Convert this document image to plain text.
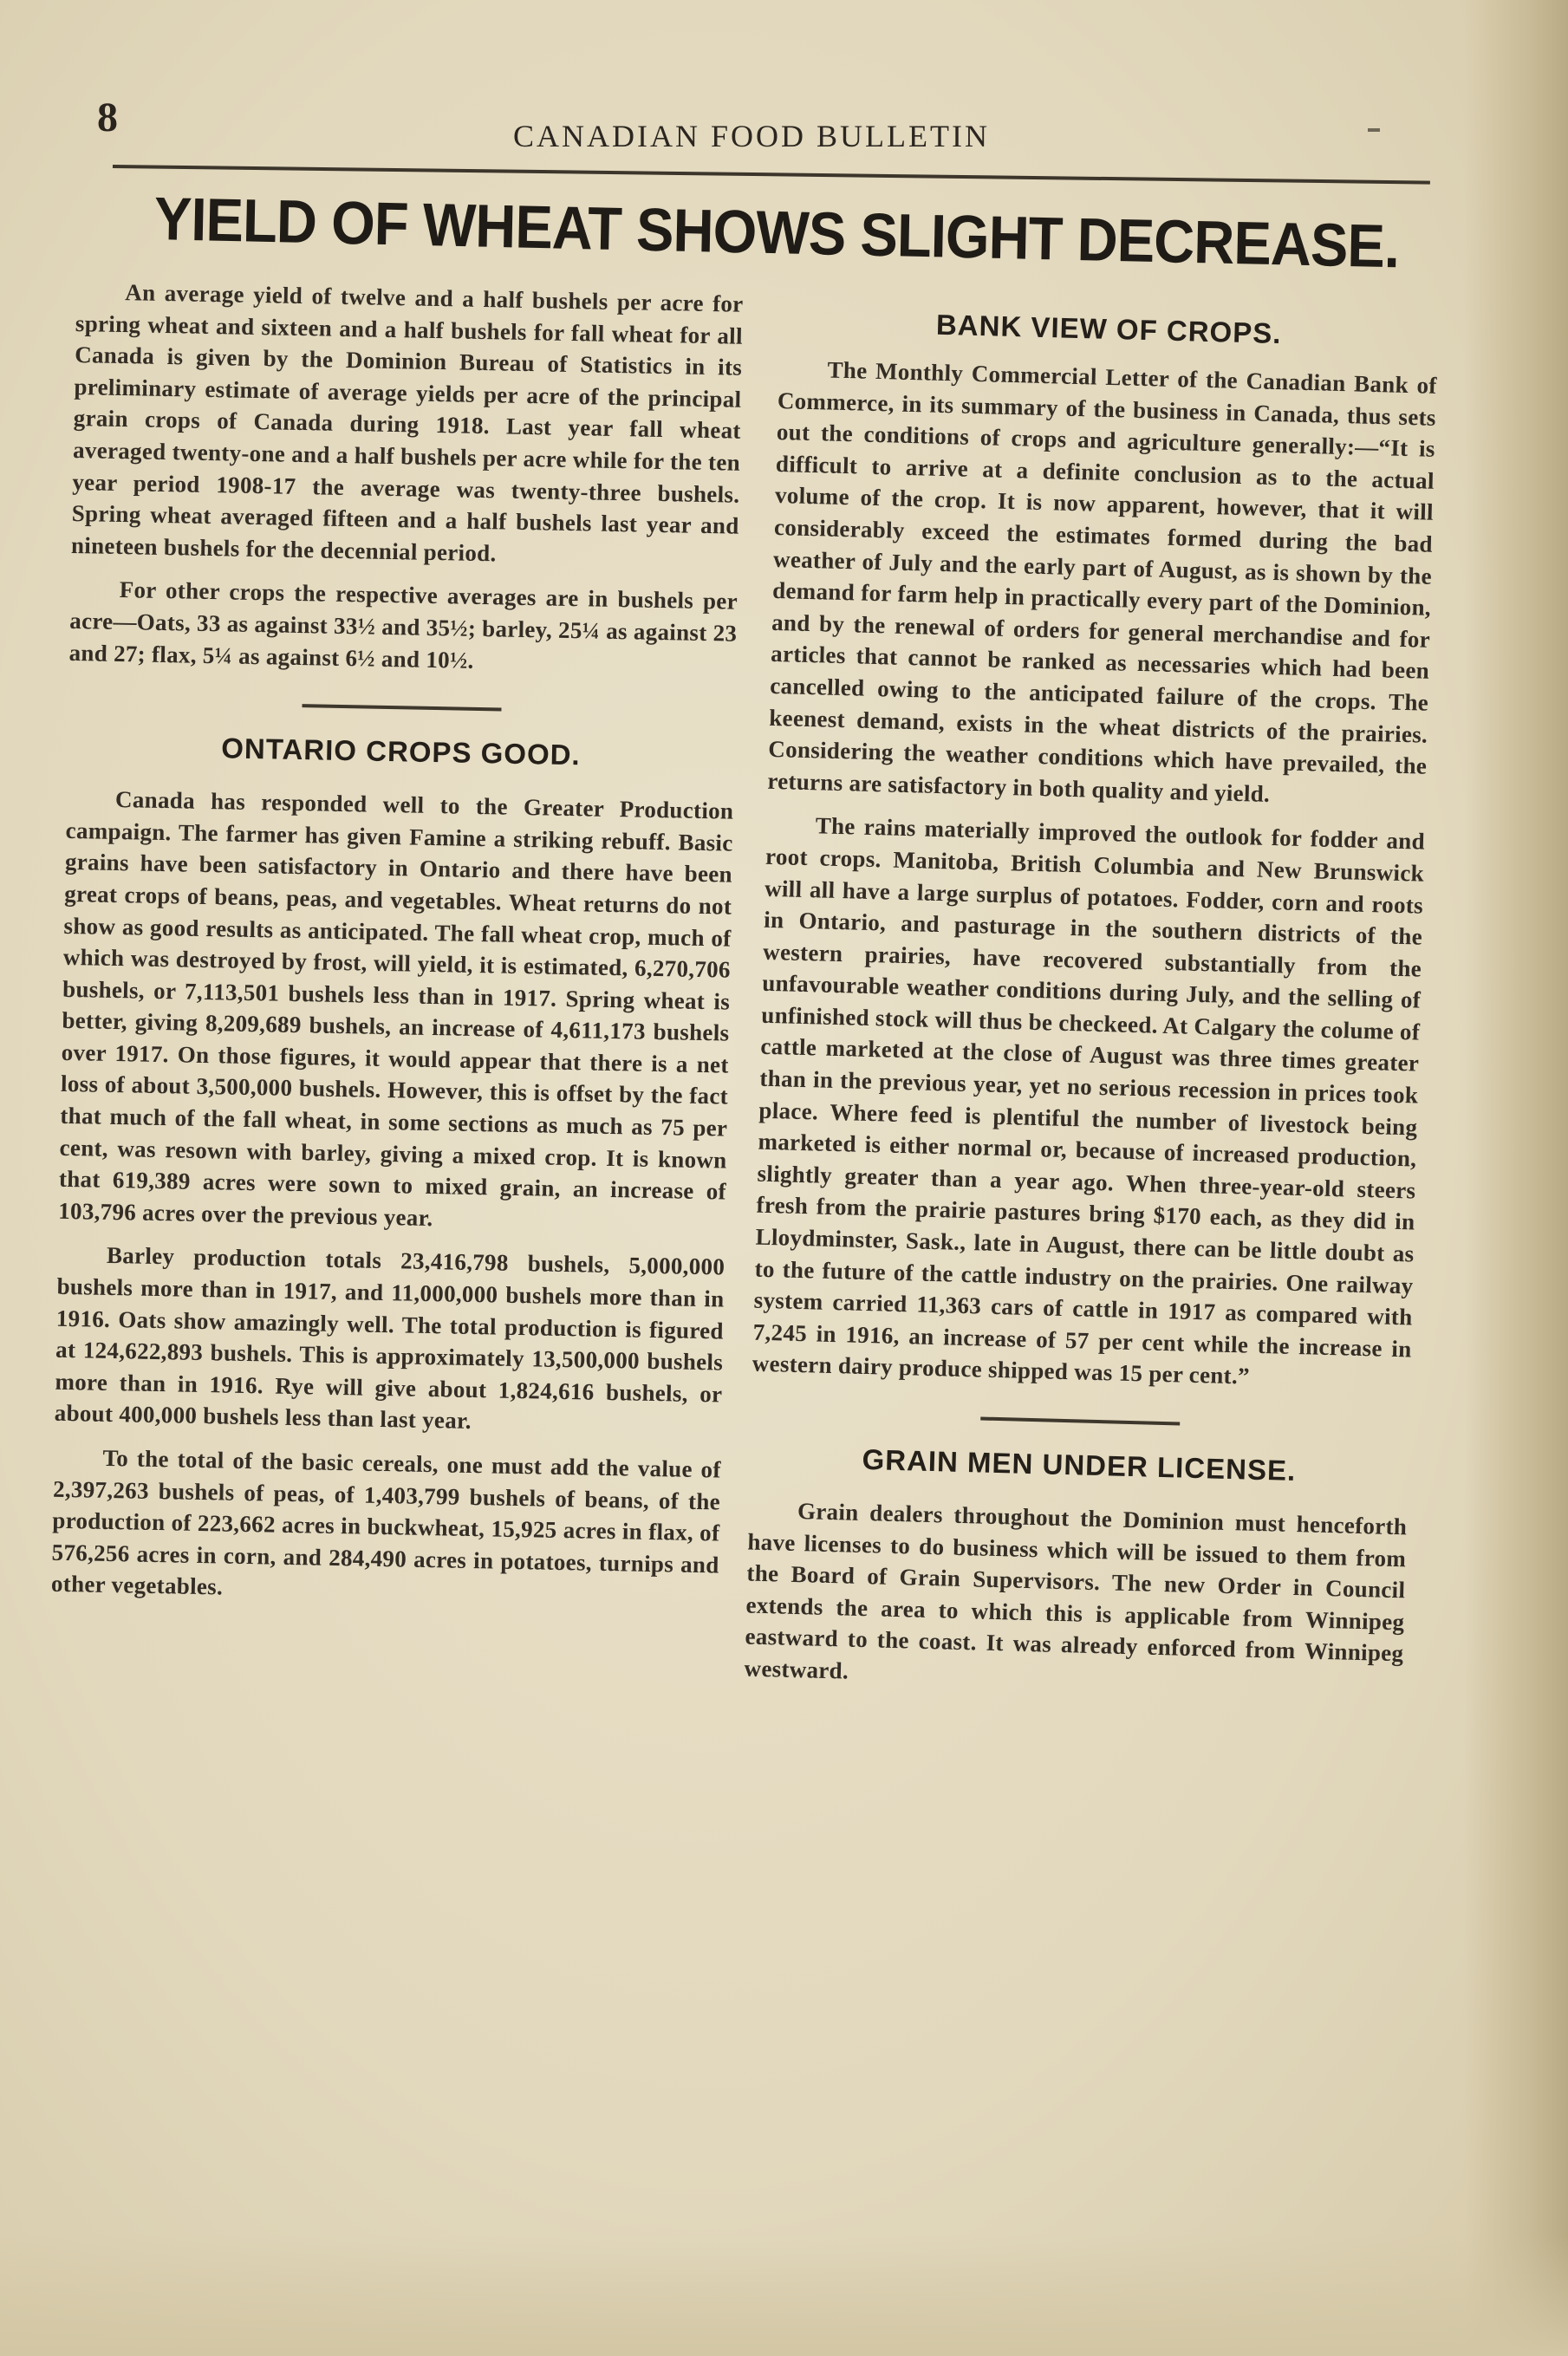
8	CANADIAN FOOD BULLETIN
YIELD OF WHEAT SHOWS SLIGHT DECREASE.

An average yield of twelve and a half bushels per acre for spring wheat and sixteen and a half bushels for fall wheat for all Canada is given by the Dominion Bureau of Statistics in its preliminary estimate of average yields per acre of the principal grain crops of Canada during 1918. Last year fall wheat averaged twenty-one and a half bushels per acre while for the ten year period 1908-17 the average was twenty-three bushels. Spring wheat averaged fifteen and a half bushels last year and nineteen bushels for the decennial period.

For other crops the respective averages are in bushels per acre—Oats, 33 as against 33½ and 35½; barley, 25¼ as against 23 and 27; flax, 5¼ as against 6½ and 10½.

ONTARIO CROPS GOOD.

Canada has responded well to the Greater Production campaign. The farmer has given Famine a striking rebuff. Basic grains have been satisfactory in Ontario and there have been great crops of beans, peas, and vegetables. Wheat returns do not show as good results as anticipated. The fall wheat crop, much of which was destroyed by frost, will yield, it is estimated, 6,270,706 bushels, or 7,113,501 bushels less than in 1917. Spring wheat is better, giving 8,209,689 bushels, an increase of 4,611,173 bushels over 1917. On those figures, it would appear that there is a net loss of about 3,500,000 bushels. However, this is offset by the fact that much of the fall wheat, in some sections as much as 75 per cent, was resown with barley, giving a mixed crop. It is known that 619,389 acres were sown to mixed grain, an increase of 103,796 acres over the previous year.

Barley production totals 23,416,798 bushels, 5,000,000 bushels more than in 1917, and 11,000,000 bushels more than in 1916. Oats show amazingly well. The total production is figured at 124,622,893 bushels. This is approximately 13,500,000 bushels more than in 1916. Rye will give about 1,824,616 bushels, or about 400,000 bushels less than last year.

To the total of the basic cereals, one must add the value of 2,397,263 bushels of peas, of 1,403,799 bushels of beans, of the production of 223,662 acres in buckwheat, 15,925 acres in flax, of 576,256 acres in corn, and 284,490 acres in potatoes, turnips and other vegetables.

BANK VIEW OF CROPS.

The Monthly Commercial Letter of the Canadian Bank of Commerce, in its summary of the business in Canada, thus sets out the conditions of crops and agriculture generally:—“It is difficult to arrive at a definite conclusion as to the actual volume of the crop. It is now apparent, however, that it will considerably exceed the estimates formed during the bad weather of July and the early part of August, as is shown by the demand for farm help in practically every part of the Dominion, and by the renewal of orders for general merchandise and for articles that cannot be ranked as necessaries which had been cancelled owing to the anticipated failure of the crops. The keenest demand, exists in the wheat districts of the prairies. Considering the weather conditions which have prevailed, the returns are satisfactory in both quality and yield.

The rains materially improved the outlook for fodder and root crops. Manitoba, British Columbia and New Brunswick will all have a large surplus of potatoes. Fodder, corn and roots in Ontario, and pasturage in the southern districts of the western prairies, have recovered substantially from the unfavourable weather conditions during July, and the selling of unfinished stock will thus be checkeed. At Calgary the colume of cattle marketed at the close of August was three times greater than in the previous year, yet no serious recession in prices took place. Where feed is plentiful the number of livestock being marketed is either normal or, because of increased production, slightly greater than a year ago. When three-year-old steers fresh from the prairie pastures bring $170 each, as they did in Lloydminster, Sask., late in August, there can be little doubt as to the future of the cattle industry on the prairies. One railway system carried 11,363 cars of cattle in 1917 as compared with 7,245 in 1916, an increase of 57 per cent while the increase in western dairy produce shipped was 15 per cent.”

GRAIN MEN UNDER LICENSE.

Grain dealers throughout the Dominion must henceforth have licenses to do business which will be issued to them from the Board of Grain Supervisors. The new Order in Council extends the area to which this is applicable from Winnipeg eastward to the coast. It was already enforced from Winnipeg westward.
